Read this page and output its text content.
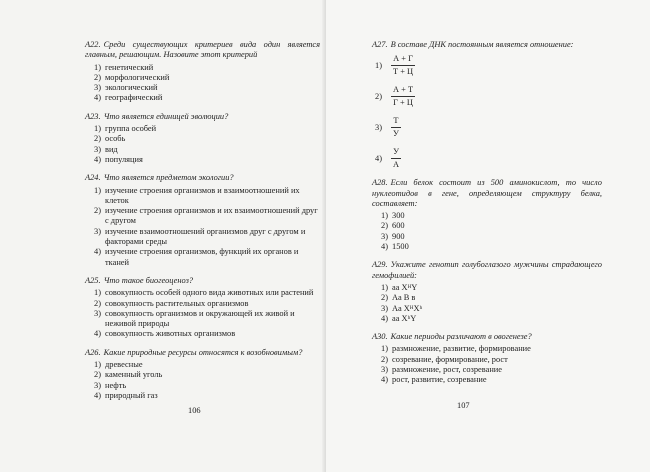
А22. Среди существующих критериев вида один является главным, решающим. Назовите этот критерий
1) генетический
2) морфологический
3) экологический
4) географический
А23. Что является единицей эволюции?
1) группа особей
2) особь
3) вид
4) популяция
А24. Что является предметом экологии?
1) изучение строения организмов и взаимоотношений их клеток
2) изучение строения организмов и их взаимоотношений друг с другом
3) изучение взаимоотношений организмов друг с другом и факторами среды
4) изучение строения организмов, функций их органов и тканей
А25. Что такое биогеоценоз?
1) совокупность особей одного вида животных или растений
2) совокупность растительных организмов
3) совокупность организмов и окружающей их живой и неживой природы
4) совокупность животных организмов
А26. Какие природные ресурсы относятся к возобновимым?
1) древесные
2) каменный уголь
3) нефть
4) природный газ
106
А27. В составе ДНК постоянным является отношение:
1)	$\frac{А + Г}{Т + Ц}$
2)	$\frac{А + Т}{Г + Ц}$
3)	$\frac{Т}{У}$
4)	$\frac{У}{А}$
А28. Если белок состоит из 500 аминокислот, то число нуклеотидов в гене, определяющем структуру белка, составляет:
1) 300
2) 600
3) 900
4) 1500
А29. Укажите генотип голубоглазого мужчины страдающего гемофилией:
1) аа XᴴY
2) Аа В в
3) Аа XᴴXʰ
4) аа XʰY
А30. Какие периоды различают в овогенезе?
1) размножение, развитие, формирование
2) созревание, формирование, рост
3) размножение, рост, созревание
4) рост, развитие, созревание
107
